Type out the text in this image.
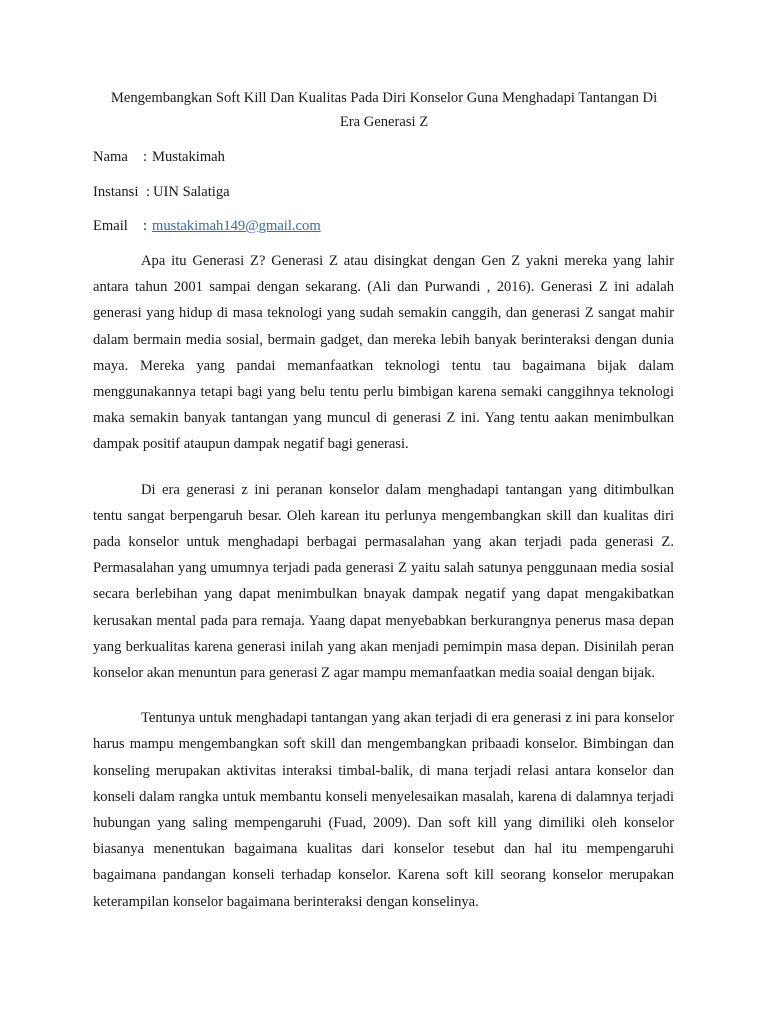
Mengembangkan Soft Kill Dan Kualitas Pada Diri Konselor Guna Menghadapi Tantangan Di
Era Generasi Z
Nama : Mustakimah
Instansi : UIN Salatiga
Email : mustakimah149@gmail.com

Apa itu Generasi Z? Generasi Z atau disingkat dengan Gen Z yakni mereka yang lahir antara tahun 2001 sampai dengan sekarang. (Ali dan Purwandi , 2016). Generasi Z ini adalah generasi yang hidup di masa teknologi yang sudah semakin canggih, dan generasi Z sangat mahir dalam bermain media sosial, bermain gadget, dan mereka lebih banyak berinteraksi dengan dunia maya. Mereka yang pandai memanfaatkan teknologi tentu tau bagaimana bijak dalam menggunakannya tetapi bagi yang belu tentu perlu bimbigan karena semaki canggihnya teknologi maka semakin banyak tantangan yang muncul di generasi Z ini. Yang tentu aakan menimbulkan dampak positif ataupun dampak negatif bagi generasi.

Di era generasi z ini peranan konselor dalam menghadapi tantangan yang ditimbulkan tentu sangat berpengaruh besar. Oleh karean itu perlunya mengembangkan skill dan kualitas diri pada konselor untuk menghadapi berbagai permasalahan yang akan terjadi pada generasi Z. Permasalahan yang umumnya terjadi pada generasi Z yaitu salah satunya penggunaan media sosial secara berlebihan yang dapat menimbulkan bnayak dampak negatif yang dapat mengakibatkan kerusakan mental pada para remaja. Yaang dapat menyebabkan berkurangnya penerus masa depan yang berkualitas karena generasi inilah yang akan menjadi pemimpin masa depan. Disinilah peran konselor akan menuntun para generasi Z agar mampu memanfaatkan media soaial dengan bijak.

Tentunya untuk menghadapi tantangan yang akan terjadi di era generasi z ini para konselor harus mampu mengembangkan soft skill dan mengembangkan pribaadi konselor. Bimbingan dan konseling merupakan aktivitas interaksi timbal-balik, di mana terjadi relasi antara konselor dan konseli dalam rangka untuk membantu konseli menyelesaikan masalah, karena di dalamnya terjadi hubungan yang saling mempengaruhi (Fuad, 2009). Dan soft kill yang dimiliki oleh konselor biasanya menentukan bagaimana kualitas dari konselor tesebut dan hal itu mempengaruhi bagaimana pandangan konseli terhadap konselor. Karena soft kill seorang konselor merupakan keterampilan konselor bagaimana berinteraksi dengan konselinya.
